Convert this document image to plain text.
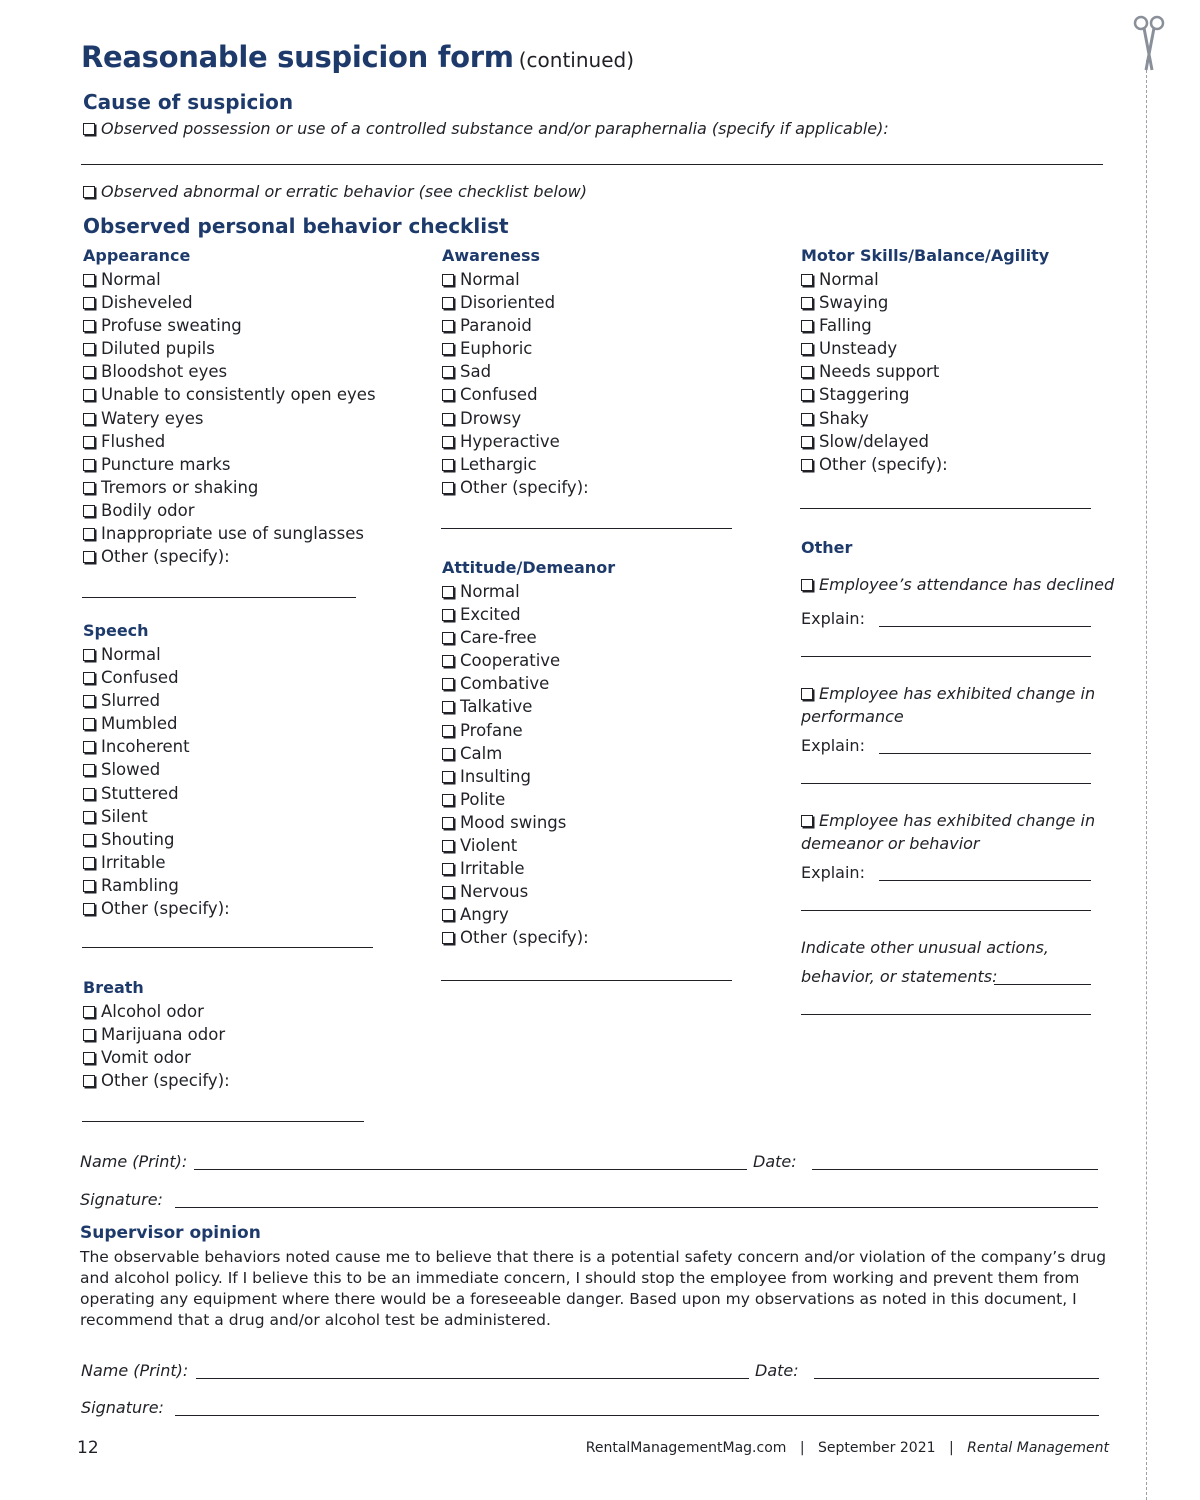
Reasonable suspicion form (continued)
Cause of suspicion
Observed possession or use of a controlled substance and/or paraphernalia (specify if applicable):
Observed abnormal or erratic behavior (see checklist below)
Observed personal behavior checklist
Appearance
Normal
Disheveled
Profuse sweating
Diluted pupils
Bloodshot eyes
Unable to consistently open eyes
Watery eyes
Flushed
Puncture marks
Tremors or shaking
Bodily odor
Inappropriate use of sunglasses
Other (specify):
Speech
Normal
Confused
Slurred
Mumbled
Incoherent
Slowed
Stuttered
Silent
Shouting
Irritable
Rambling
Other (specify):
Breath
Alcohol odor
Marijuana odor
Vomit odor
Other (specify):
Awareness
Normal
Disoriented
Paranoid
Euphoric
Sad
Confused
Drowsy
Hyperactive
Lethargic
Other (specify):
Attitude/Demeanor
Normal
Excited
Care-free
Cooperative
Combative
Talkative
Profane
Calm
Insulting
Polite
Mood swings
Violent
Irritable
Nervous
Angry
Other (specify):
Motor Skills/Balance/Agility
Normal
Swaying
Falling
Unsteady
Needs support
Staggering
Shaky
Slow/delayed
Other (specify):
Other
Employee’s attendance has declined
Explain:
Employee has exhibited change in
performance
Explain:
Employee has exhibited change in
demeanor or behavior
Explain:
Indicate other unusual actions,
behavior, or statements:
Name (Print):	Date:
Signature:
Supervisor opinion
The observable behaviors noted cause me to believe that there is a potential safety concern and/or violation of the company’s drug and alcohol policy. If I believe this to be an immediate concern, I should stop the employee from working and prevent them from operating any equipment where there would be a foreseeable danger. Based upon my observations as noted in this document, I recommend that a drug and/or alcohol test be administered.
Name (Print):	Date:
Signature:
12	RentalManagementMag.com | September 2021 | Rental Management
